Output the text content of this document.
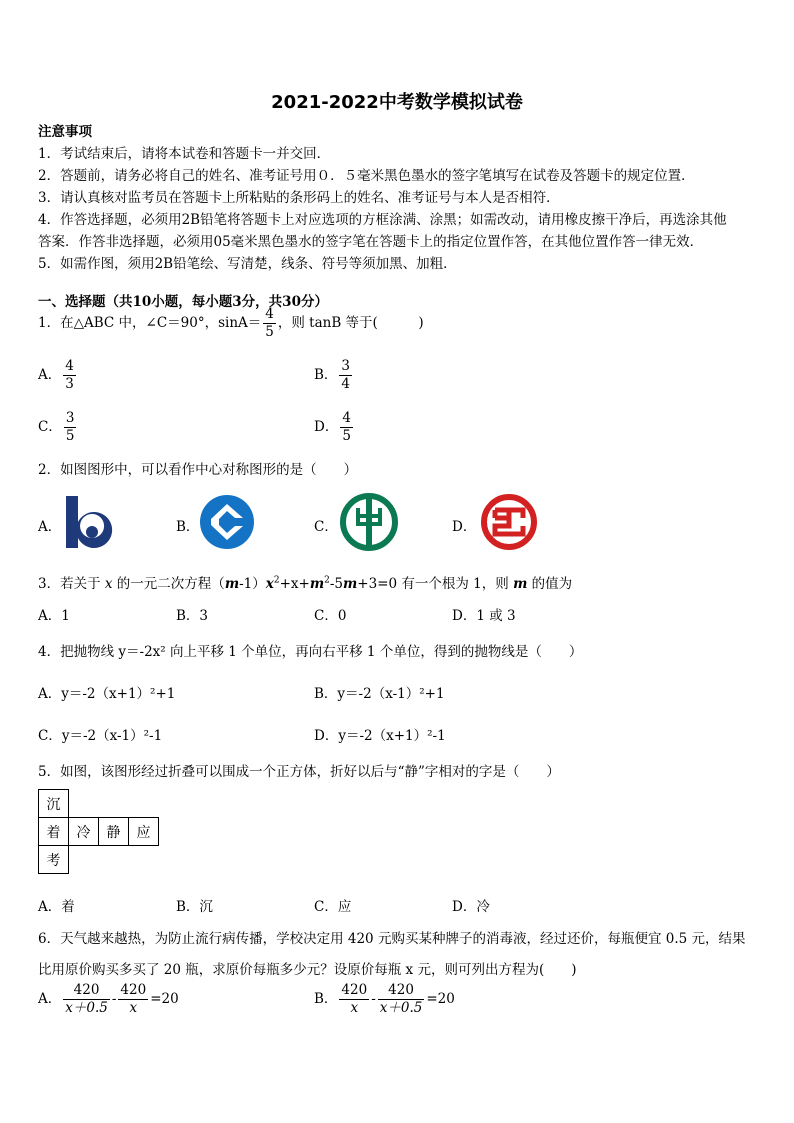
2021-2022中考数学模拟试卷
注意事项
1．考试结束后，请将本试卷和答题卡一并交回．
2．答题前，请务必将自己的姓名、准考证号用０．５毫米黑色墨水的签字笔填写在试卷及答题卡的规定位置．
3．请认真核对监考员在答题卡上所粘贴的条形码上的姓名、准考证号与本人是否相符．
4．作答选择题，必须用2B铅笔将答题卡上对应选项的方框涂满、涂黑；如需改动，请用橡皮擦干净后，再选涂其他
答案．作答非选择题，必须用05毫米黑色墨水的签字笔在答题卡上的指定位置作答，在其他位置作答一律无效．
5．如需作图，须用2B铅笔绘、写清楚，线条、符号等须加黑、加粗．
一、选择题（共10小题，每小题3分，共30分）
1．在△ABC 中，∠C＝90°，$\sin A= \frac{4}{5}$ ，则 tanB 等于(　　　)
A． $\frac{4}{3}$	B． $\frac{3}{4}$
C． $\frac{3}{5}$	D． $\frac{4}{5}$
2．如图图形中，可以看作中心对称图形的是（　　）
A．	B．	C．	D．
3．若关于 x 的一元二次方程$(m-1)x^2+x+m^2-5m+3=0$ 有一个根为 1，则 m 的值为
A．1	B．3	C．0	D．1 或 3
4．把抛物线 y＝-2x² 向上平移 1 个单位，再向右平移 1 个单位，得到的抛物线是（　　）
A．y＝-2（x+1）²+1	B．y＝-2（x-1）²+1
C．y＝-2（x-1）²-1	D．y＝-2（x+1）²-1
5．如图，该图形经过折叠可以围成一个正方体，折好以后与“静”字相对的字是（　　）
沉			
着	冷	静	应
考			
A．着	B．沉	C．应	D．冷
6．天气越来越热，为防止流行病传播，学校决定用 420 元购买某种牌子的消毒液，经过还价，每瓶便宜 0.5 元，结果
比用原价购买多买了 20 瓶，求原价每瓶多少元？设原价每瓶 x 元，则可列出方程为(　　)
A． $\frac{420}{x+0.5} - \frac{420}{x} =20$	B． $\frac{420}{x} - \frac{420}{x+0.5} =20$
